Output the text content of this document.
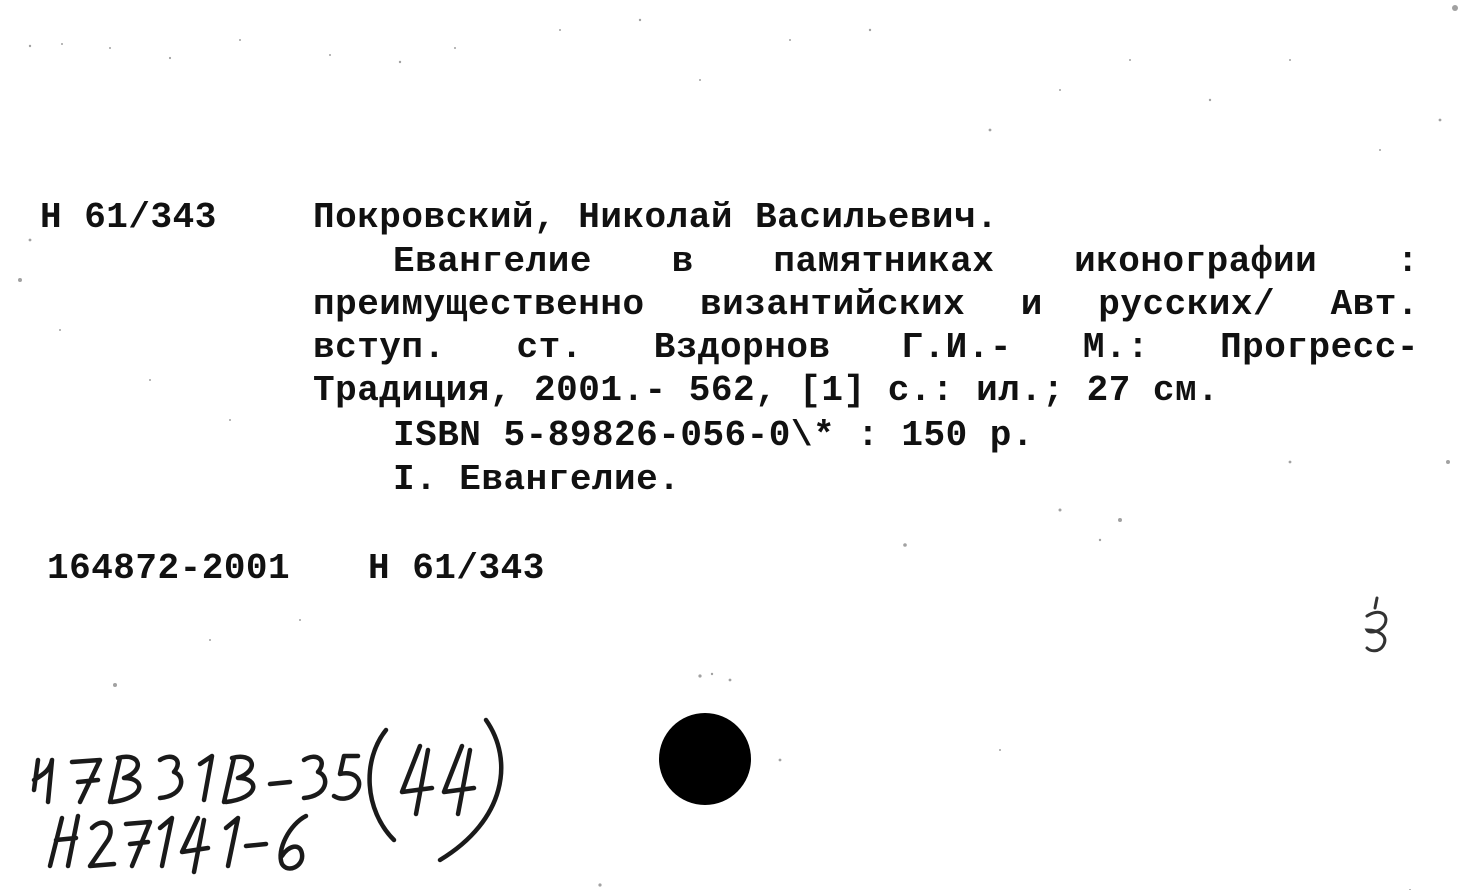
Н 61/343	Покровский, Николай Васильевич.
Евангелие в памятниках иконографии :
преимущественно византийских и русских/ Авт.
вступ. ст. Вздорнов Г.И.- М.: Прогресс-
Традиция, 2001.- 562, [1] с.: ил.; 27 см.
ISBN 5-89826-056-0\* : 150 р.
I. Евангелие.
164872-2001 Н 61/343
